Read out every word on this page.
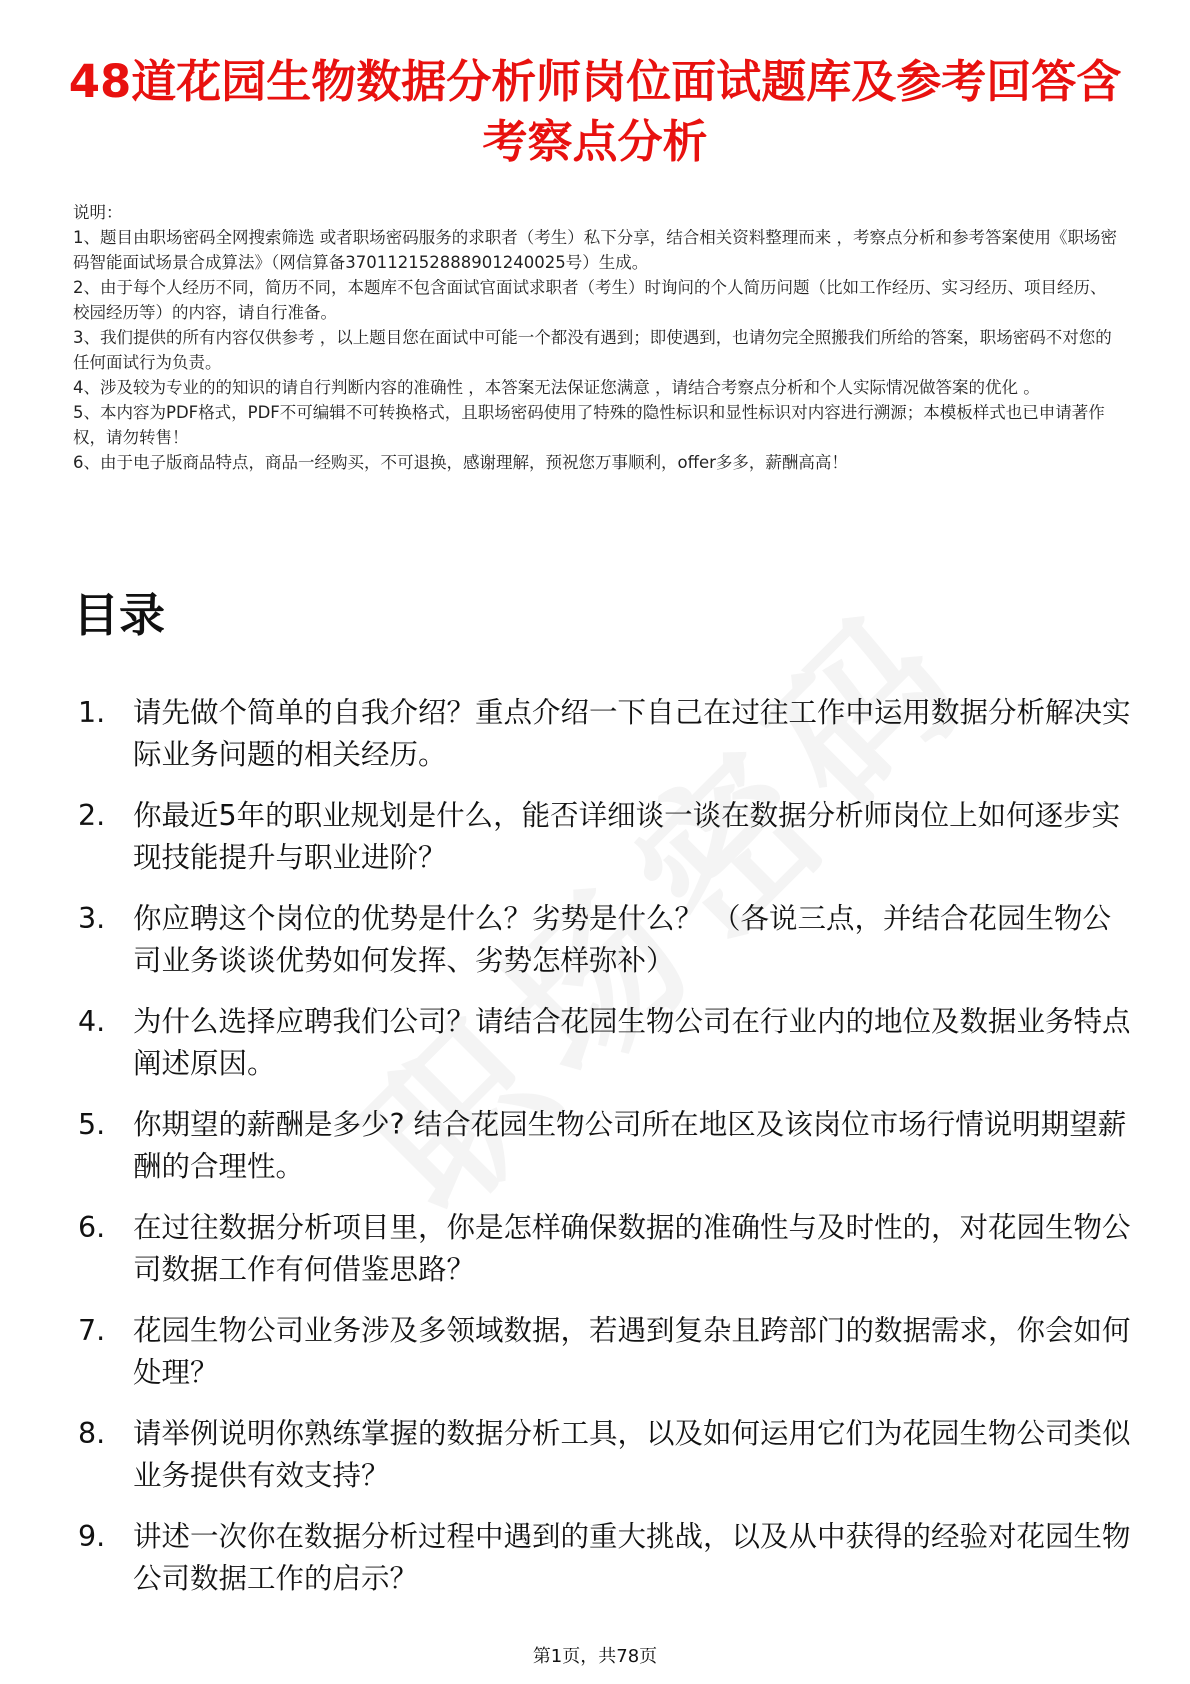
48道花园生物数据分析师岗位面试题库及参考回答含考察点分析

说明：

1、题目由职场密码全网搜索筛选 或者职场密码服务的求职者（考生）私下分享，结合相关资料整理而来 ，考察点分析和参考答案使用《职场密码智能面试场景合成算法》（网信算备370112152888901240025号）生成。

2、由于每个人经历不同，简历不同，本题库不包含面试官面试求职者（考生）时询问的个人简历问题（比如工作经历、实习经历、项目经历、校园经历等）的内容，请自行准备。

3、我们提供的所有内容仅供参考 ，以上题目您在面试中可能一个都没有遇到；即使遇到，也请勿完全照搬我们所给的答案，职场密码不对您的任何面试行为负责。

4、涉及较为专业的的知识的请自行判断内容的准确性 ，本答案无法保证您满意 ，请结合考察点分析和个人实际情况做答案的优化 。

5、本内容为PDF格式，PDF不可编辑不可转换格式，且职场密码使用了特殊的隐性标识和显性标识对内容进行溯源；本模板样式也已申请著作权，请勿转售！

6、由于电子版商品特点，商品一经购买，不可退换，感谢理解，预祝您万事顺利，offer多多，薪酬高高！

目录
1. 请先做个简单的自我介绍？重点介绍一下自己在过往工作中运用数据分析解决实际业务问题的相关经历。
2. 你最近5年的职业规划是什么，能否详细谈一谈在数据分析师岗位上如何逐步实现技能提升与职业进阶？
3. 你应聘这个岗位的优势是什么？劣势是什么？ （各说三点，并结合花园生物公司业务谈谈优势如何发挥、劣势怎样弥补）
4. 为什么选择应聘我们公司？请结合花园生物公司在行业内的地位及数据业务特点阐述原因。
5. 你期望的薪酬是多少? 结合花园生物公司所在地区及该岗位市场行情说明期望薪酬的合理性。
6. 在过往数据分析项目里，你是怎样确保数据的准确性与及时性的，对花园生物公司数据工作有何借鉴思路？
7. 花园生物公司业务涉及多领域数据，若遇到复杂且跨部门的数据需求，你会如何处理？
8. 请举例说明你熟练掌握的数据分析工具，以及如何运用它们为花园生物公司类似业务提供有效支持？
9. 讲述一次你在数据分析过程中遇到的重大挑战，以及从中获得的经验对花园生物公司数据工作的启示？
第1页，共78页
